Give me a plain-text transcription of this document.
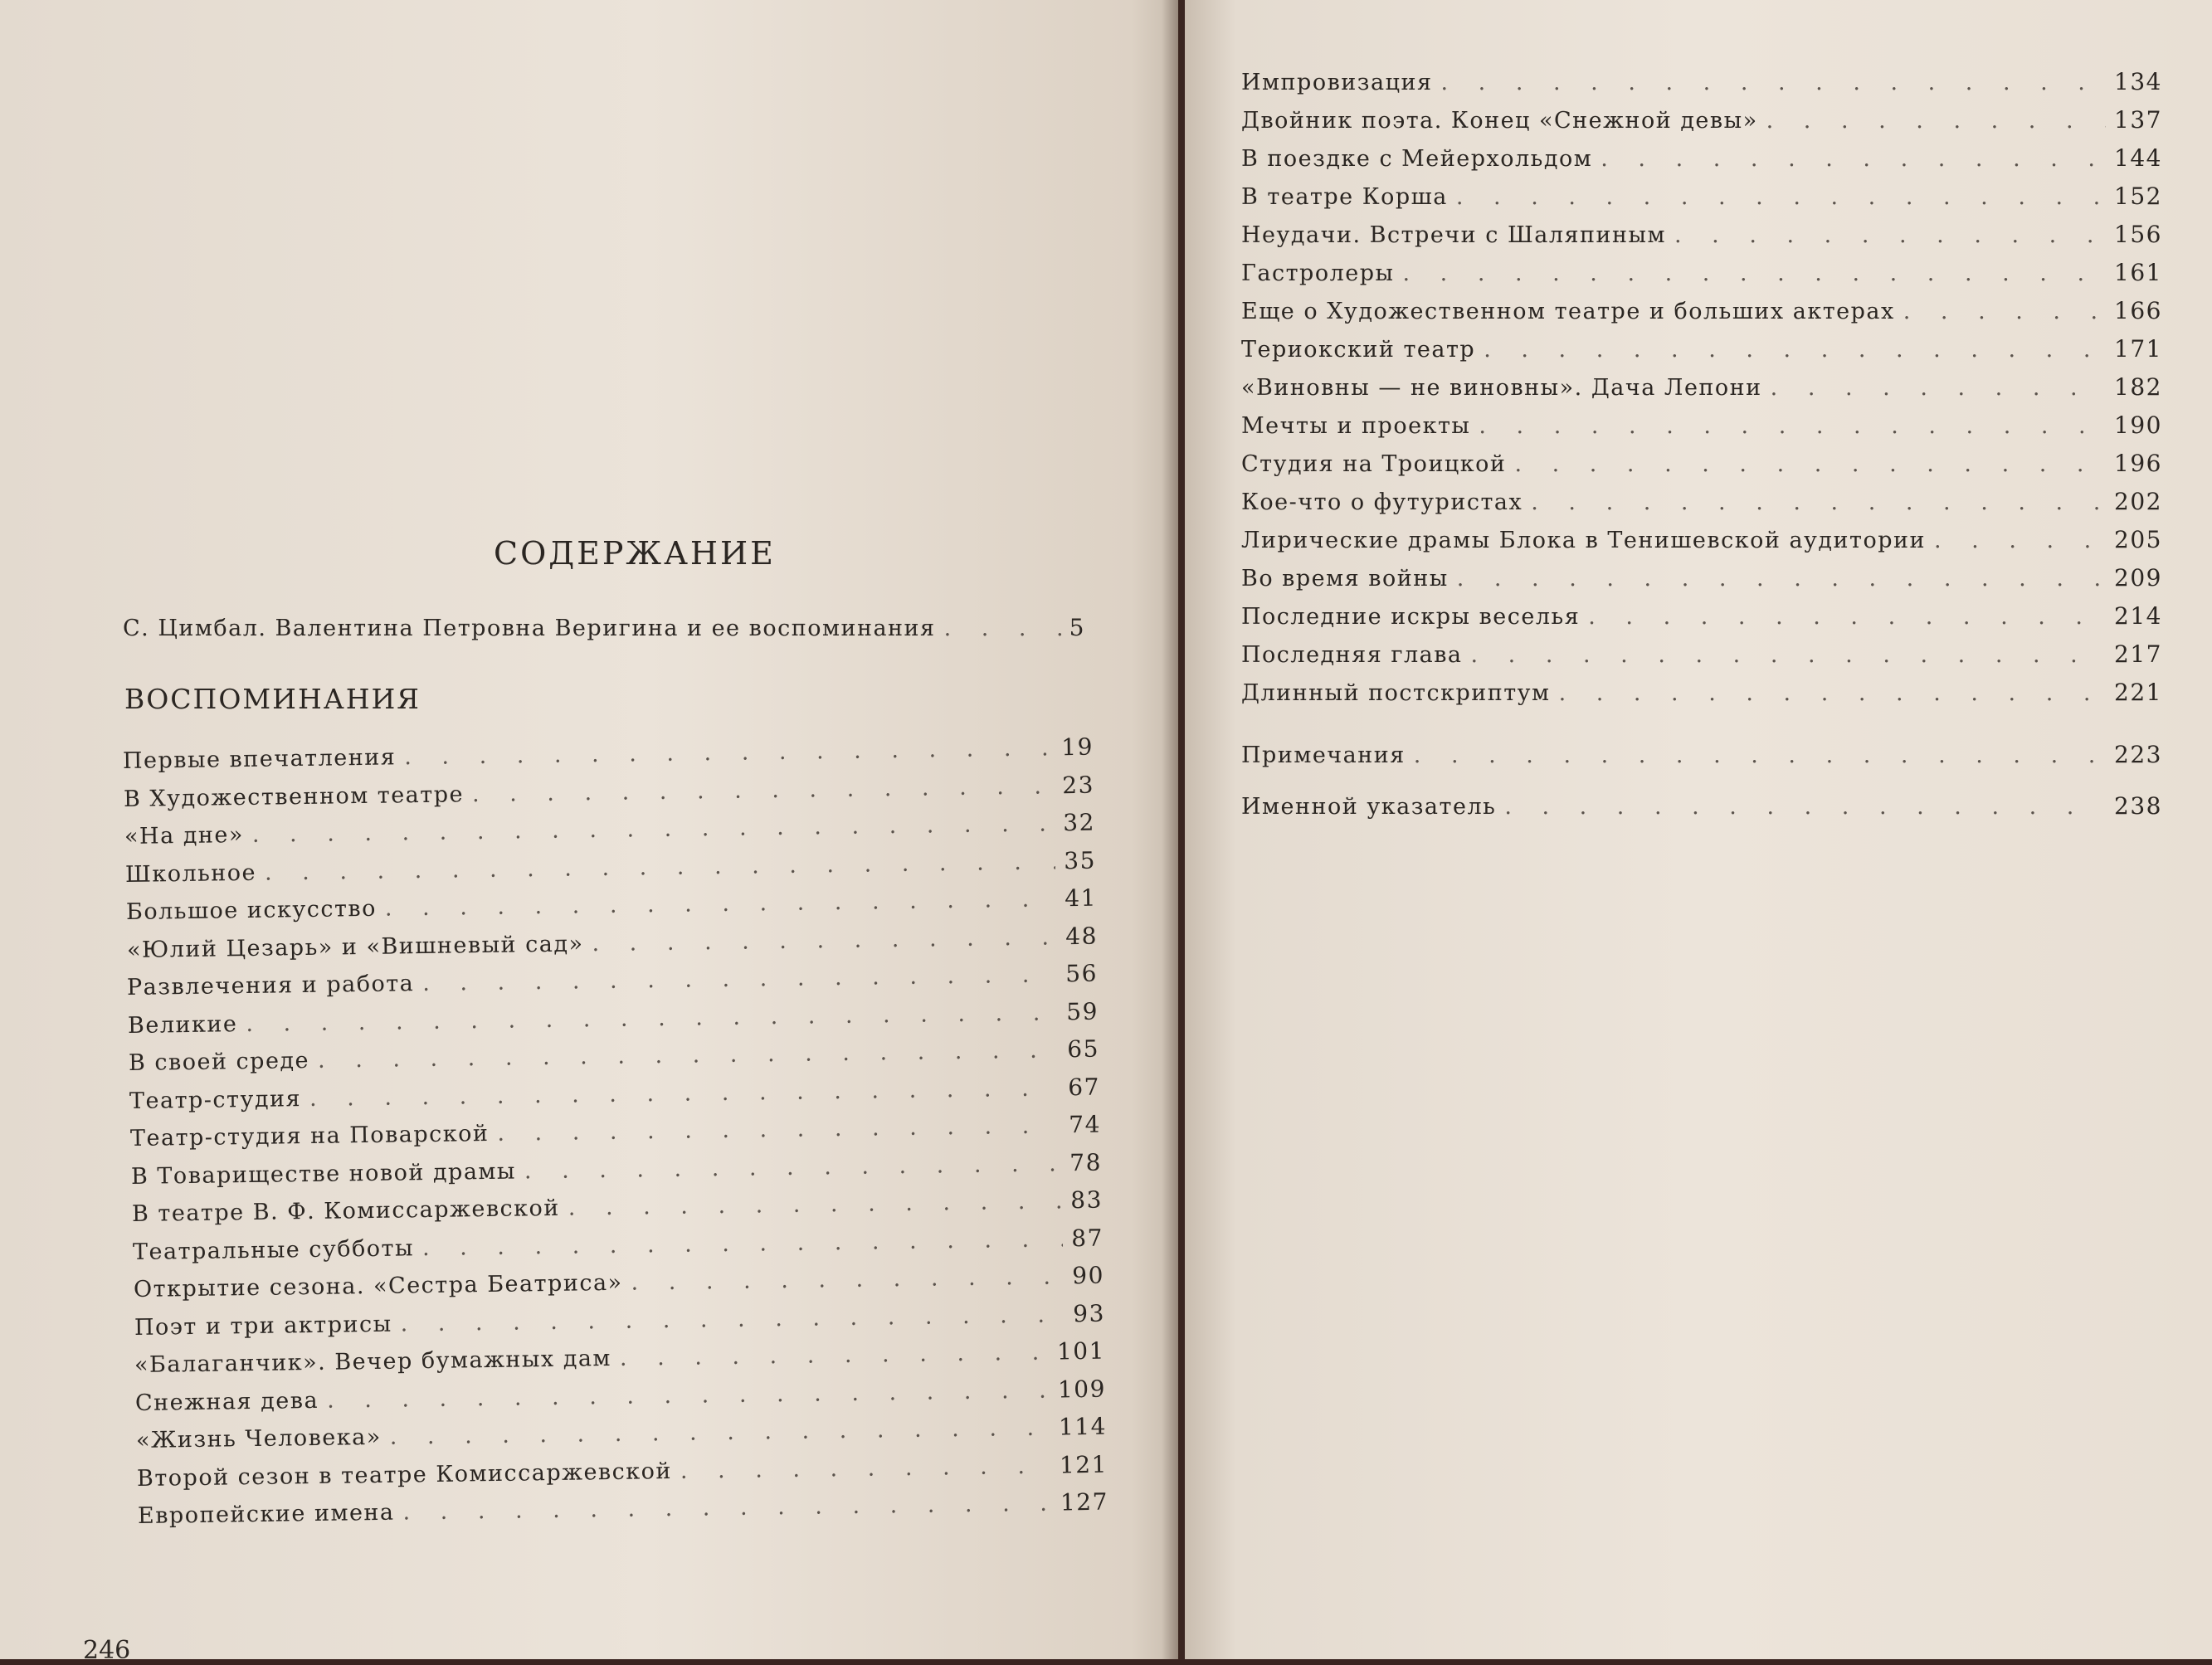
СОДЕРЖАНИЕ
С. Цимбал. Валентина Петровна Веригина и ее воспоминания . . .	5
ВОСПОМИНАНИЯ
Первые впечатления . . .	19
В Художественном театре . . .	23
«На дне» . . .	32
Школьное . . .	35
Большое искусство . . .	41
«Юлий Цезарь» и «Вишневый сад» . . .	48
Развлечения и работа . . .	56
Великие . . .	59
В своей среде . . .	65
Театр-студия . . .	67
Театр-студия на Поварской . . .	74
В Товариществе новой драмы . . .	78
В театре В. Ф. Комиссаржевской . . .	83
Театральные субботы . . .	87
Открытие сезона. «Сестра Беатриса» . . .	90
Поэт и три актрисы . . .	93
«Балаганчик». Вечер бумажных дам . . .	101
Снежная дева . . .	109
«Жизнь Человека» . . .	114
Второй сезон в театре Комиссаржевской . . .	121
Европейские имена . . .	127
246
Импровизация . . .	134
Двойник поэта. Конец «Снежной девы» . . .	137
В поездке с Мейерхольдом . . .	144
В театре Корша . . .	152
Неудачи. Встречи с Шаляпиным . . .	156
Гастролеры . . .	161
Еще о Художественном театре и больших актерах . . .	166
Териокский театр . . .	171
«Виновны — не виновны». Дача Лепони . . .	182
Мечты и проекты . . .	190
Студия на Троицкой . . .	196
Кое-что о футуристах . . .	202
Лирические драмы Блока в Тенишевской аудитории . . .	205
Во время войны . . .	209
Последние искры веселья . . .	214
Последняя глава . . .	217
Длинный постскриптум . . .	221
Примечания . . .	223
Именной указатель . . .	238
